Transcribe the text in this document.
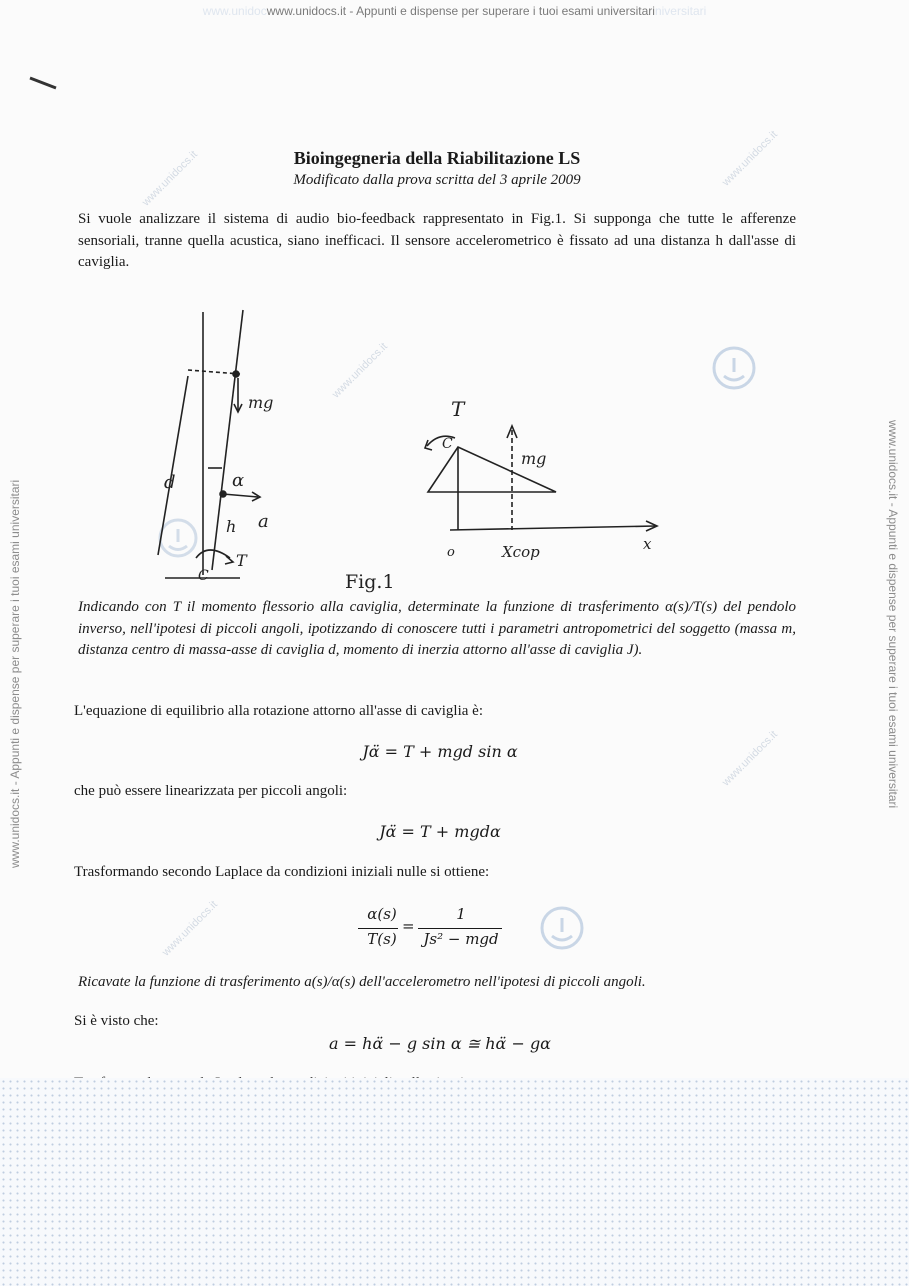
www.unidocwww.unidocs.it - Appunti e dispense per superare i tuoi esami universitariniversitari
www.unidocs.it - Appunti e dispense per superare i tuoi esami universitari	www.unidocs.it - Appunti e dispense per superare i tuoi esami universitari
www.unidocs.it
www.unidocs.it
www.unidocs.it
www.unidocs.it
www.unidocs.it
mg
d	α
h a
T
C
T
C
mg
o	Xcop	x
Fig.1
Bioingegneria della Riabilitazione LS
Modificato dalla prova scritta del 3 aprile 2009
Si vuole analizzare il sistema di audio bio-feedback rappresentato in Fig.1. Si supponga che tutte le afferenze sensoriali, tranne quella acustica, siano inefficaci. Il sensore accelerometrico è fissato ad una distanza h dall'asse di caviglia.
Indicando con T il momento flessorio alla caviglia, determinate la funzione di trasferimento α(s)/T(s) del pendolo inverso, nell'ipotesi di piccoli angoli, ipotizzando di conoscere tutti i parametri antropometrici del soggetto (massa m, distanza centro di massa-asse di caviglia d, momento di inerzia attorno all'asse di caviglia J).
L'equazione di equilibrio alla rotazione attorno all'asse di caviglia è:
Jα̈ = T + mgd sin α
che può essere linearizzata per piccoli angoli:
Jα̈ = T + mgdα
Trasformando secondo Laplace da condizioni iniziali nulle si ottiene:
α(s)
T(s)
=
1
Js² − mgd
Ricavate la funzione di trasferimento a(s)/α(s) dell'accelerometro nell'ipotesi di piccoli angoli.
Si è visto che:
a = hα̈ − g sin α ≅ hα̈ − gα
